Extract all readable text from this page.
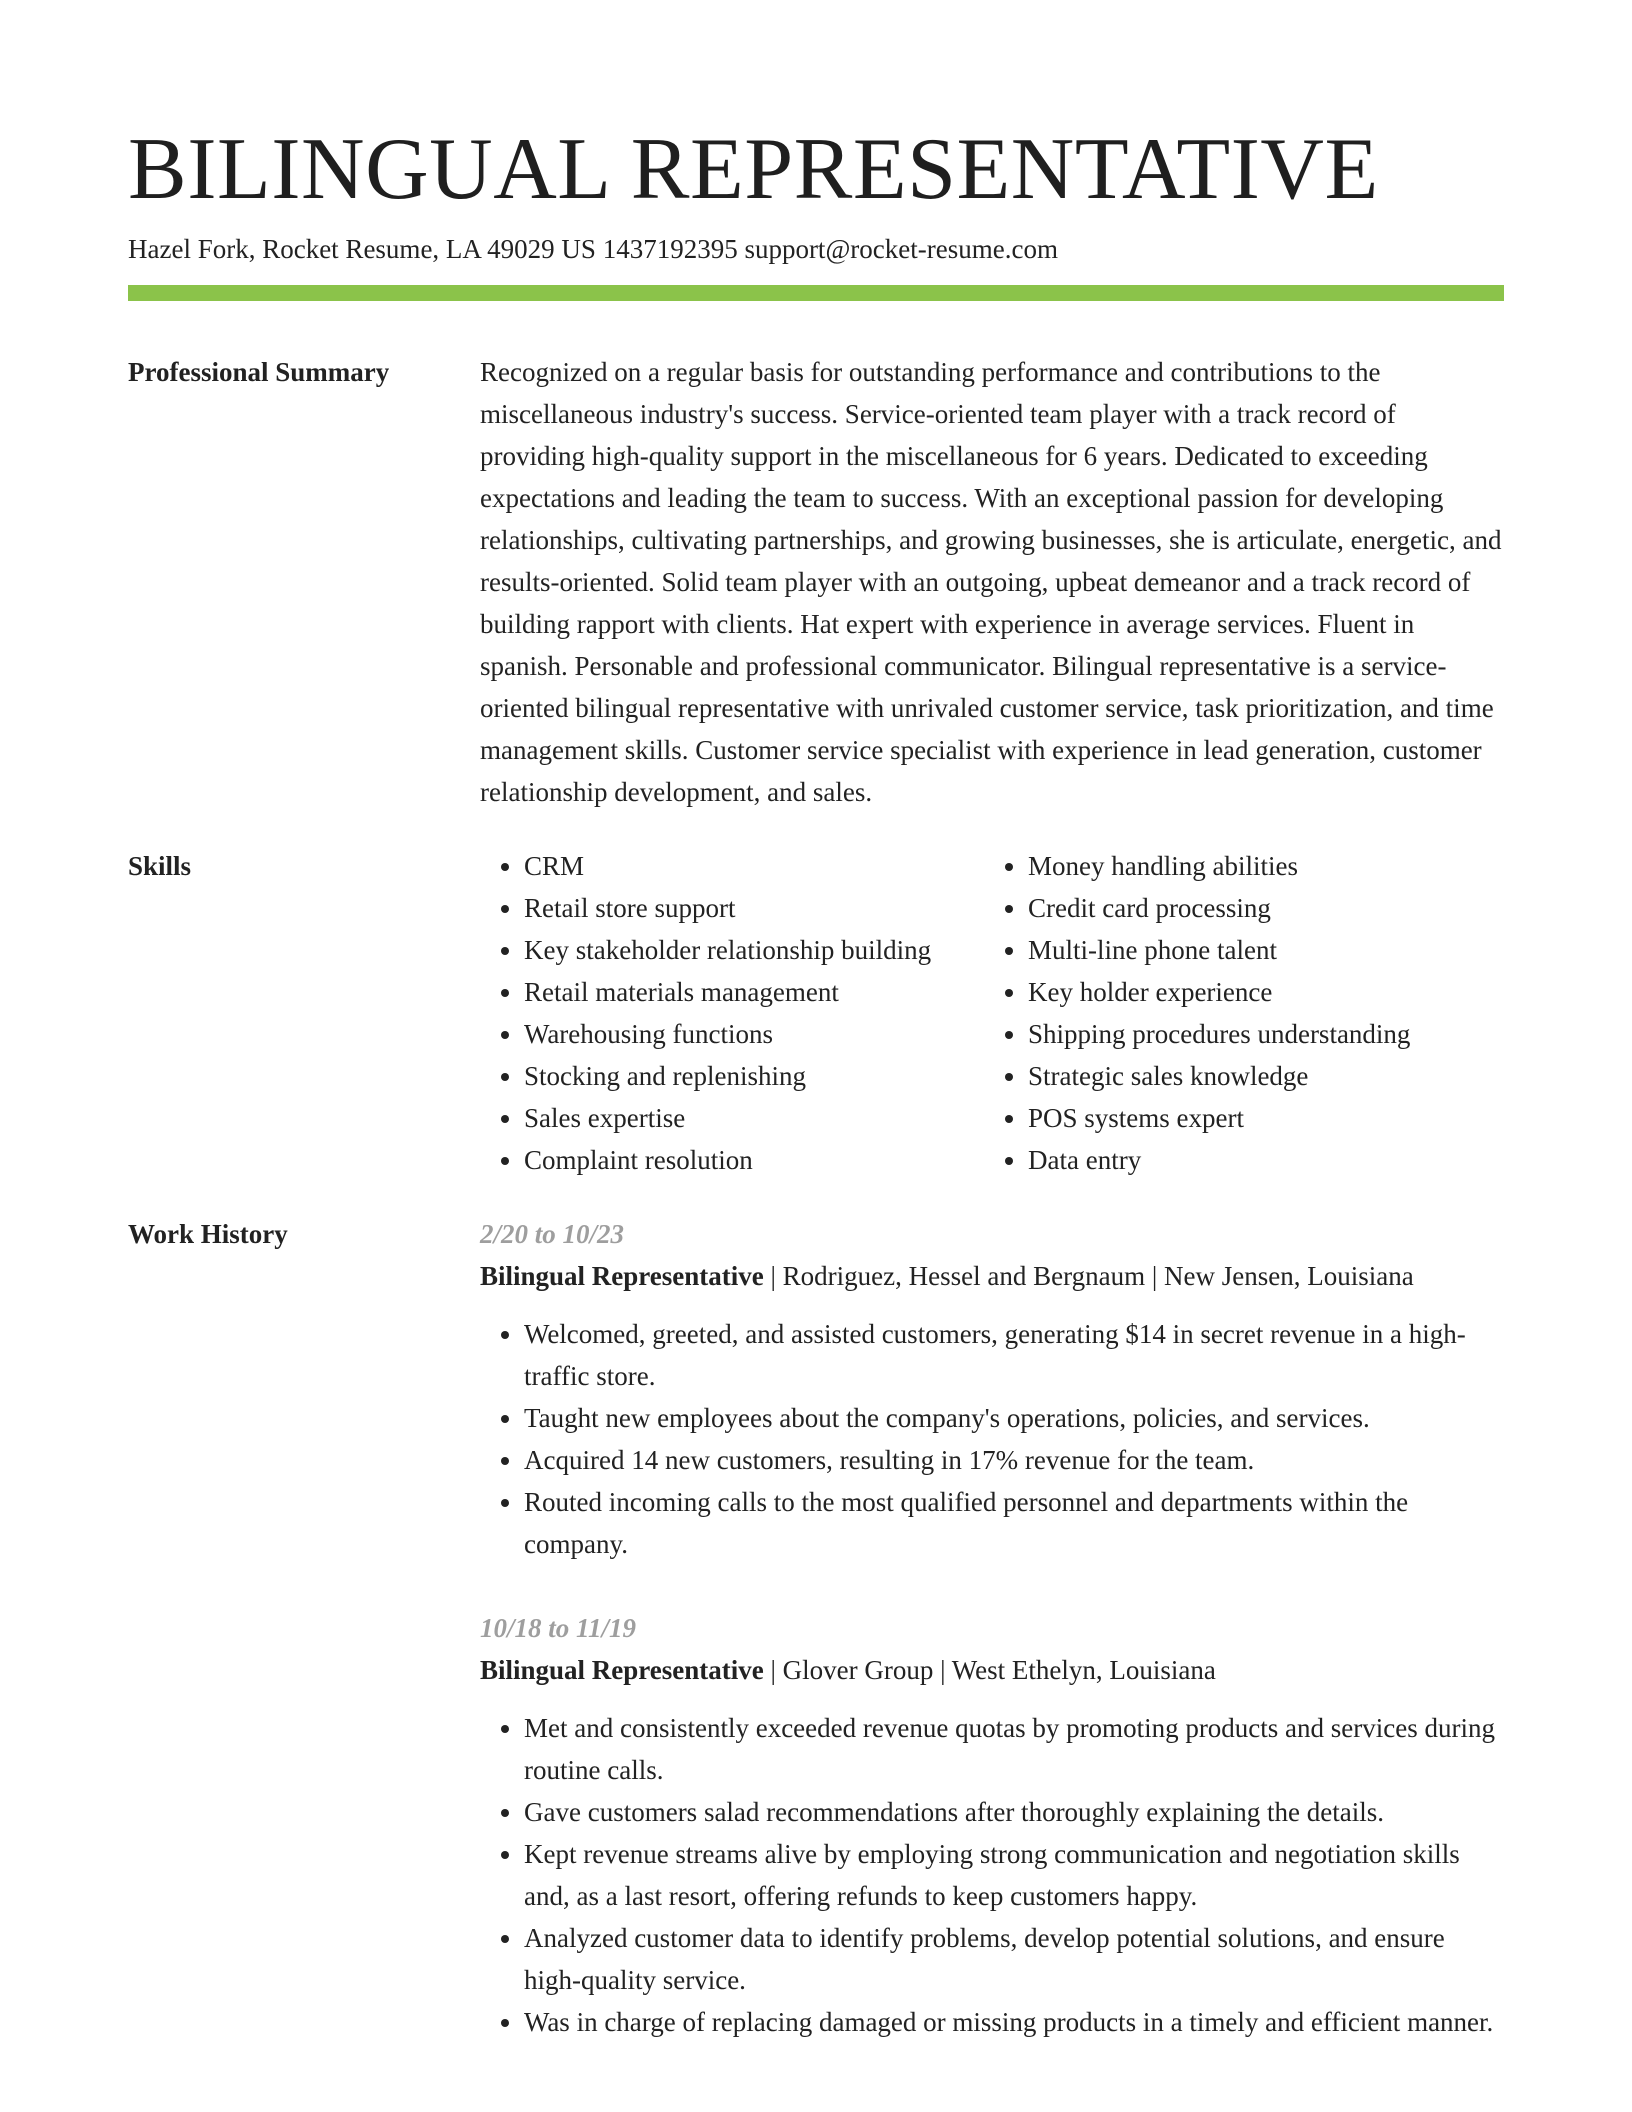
BILINGUAL REPRESENTATIVE
Hazel Fork, Rocket Resume, LA 49029 US 1437192395 support@rocket-resume.com
Professional Summary	Recognized on a regular basis for outstanding performance and contributions to the miscellaneous industry's success. Service-oriented team player with a track record of providing high-quality support in the miscellaneous for 6 years. Dedicated to exceeding expectations and leading the team to success. With an exceptional passion for developing relationships, cultivating partnerships, and growing businesses, she is articulate, energetic, and results-oriented. Solid team player with an outgoing, upbeat demeanor and a track record of building rapport with clients. Hat expert with experience in average services. Fluent in spanish. Personable and professional communicator. Bilingual representative is a service-oriented bilingual representative with unrivaled customer service, task prioritization, and time management skills. Customer service specialist with experience in lead generation, customer relationship development, and sales.

Skills
•	CRM
• Retail store support
• Key stakeholder relationship building
• Retail materials management
• Warehousing functions
• Stocking and replenishing
• Sales expertise
• Complaint resolution
• Money handling abilities
• Credit card processing
• Multi-line phone talent
• Key holder experience
• Shipping procedures understanding
• Strategic sales knowledge
• POS systems expert
• Data entry
Work History	2/20 to 10/23
Bilingual Representative | Rodriguez, Hessel and Bergnaum | New Jensen, Louisiana
• Welcomed, greeted, and assisted customers, generating $14 in secret revenue in a high-traffic store.
• Taught new employees about the company's operations, policies, and services.
• Acquired 14 new customers, resulting in 17% revenue for the team.
• Routed incoming calls to the most qualified personnel and departments within the company.
10/18 to 11/19
Bilingual Representative | Glover Group | West Ethelyn, Louisiana
• Met and consistently exceeded revenue quotas by promoting products and services during routine calls.
• Gave customers salad recommendations after thoroughly explaining the details.
• Kept revenue streams alive by employing strong communication and negotiation skills and, as a last resort, offering refunds to keep customers happy.
• Analyzed customer data to identify problems, develop potential solutions, and ensure high-quality service.
• Was in charge of replacing damaged or missing products in a timely and efficient manner.
